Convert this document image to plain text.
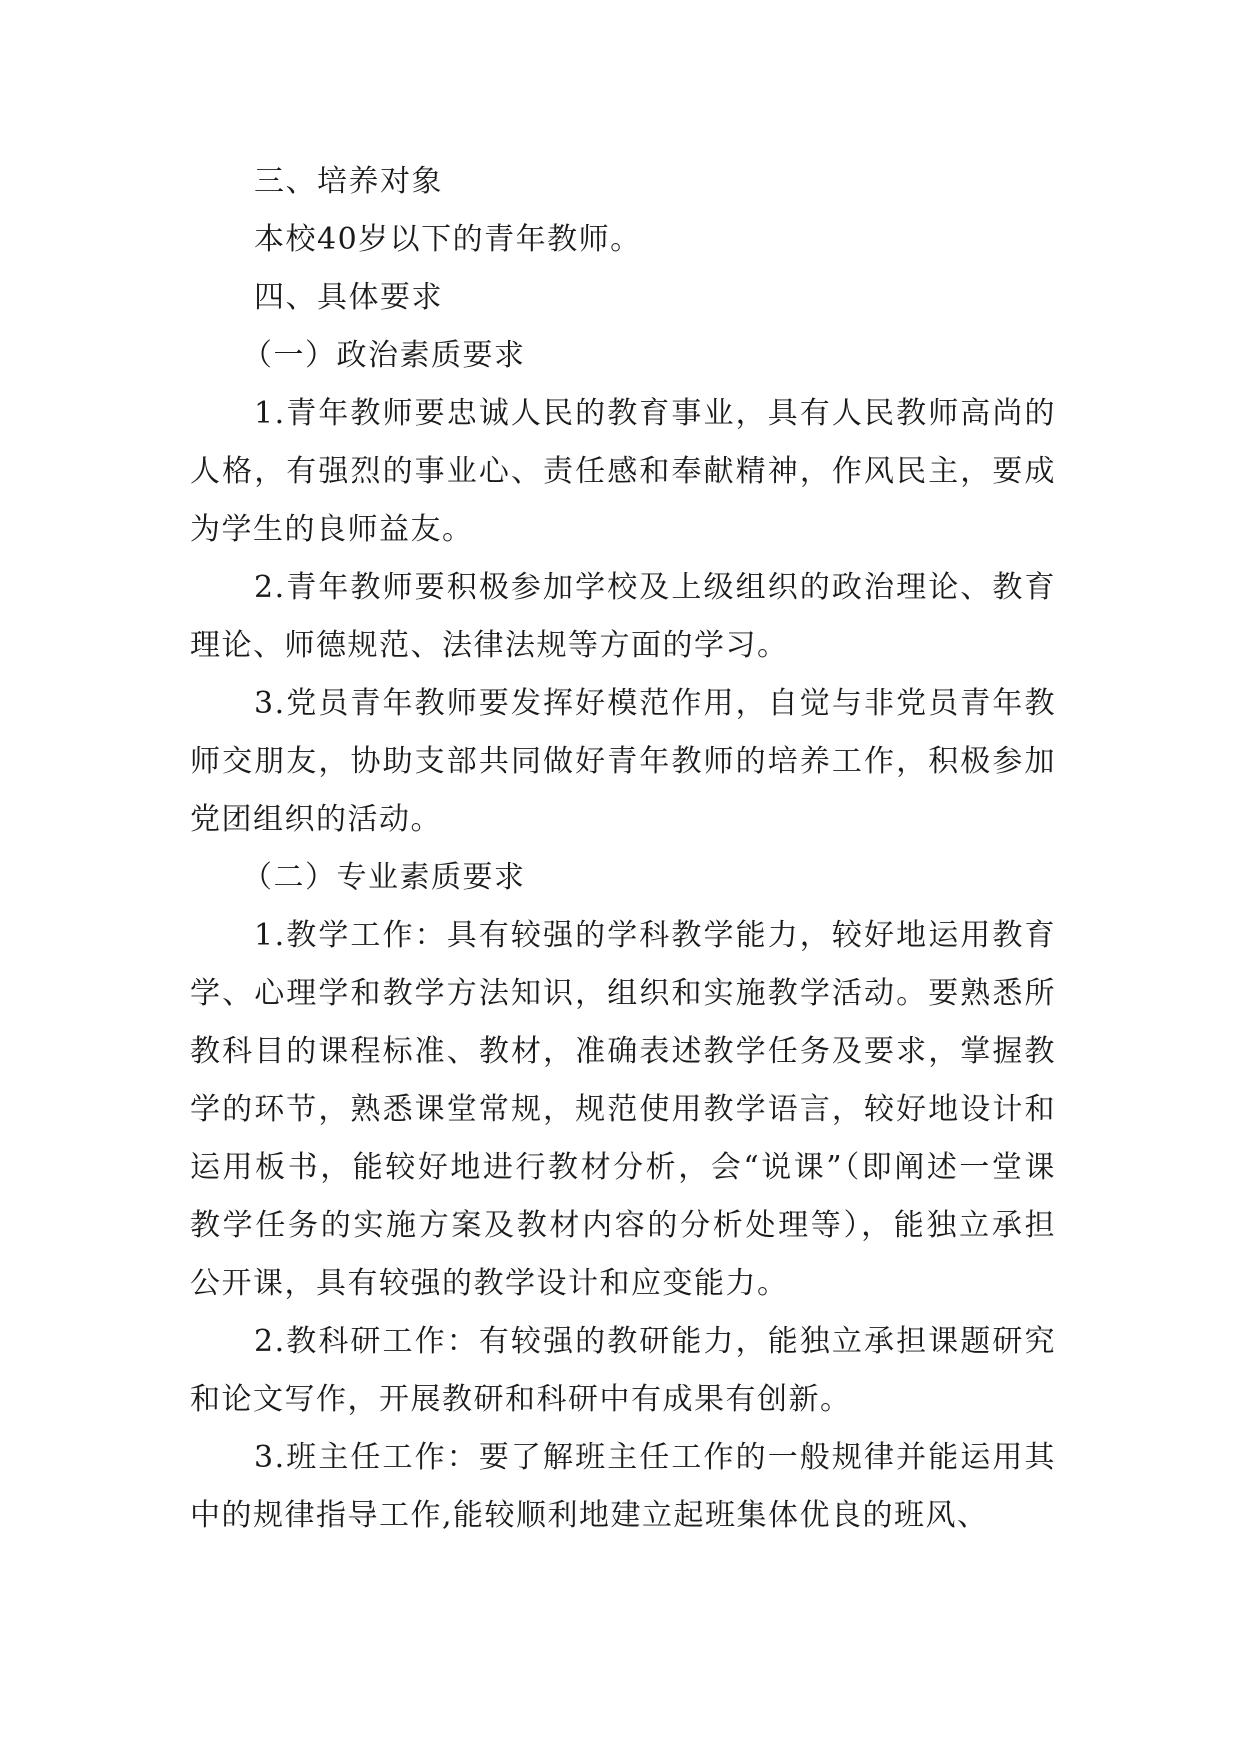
三、培养对象

本校40岁以下的青年教师。

四、具体要求

（一）政治素质要求

1.青年教师要忠诚人民的教育事业，具有人民教师高尚的人格，有强烈的事业心、责任感和奉献精神，作风民主，要成为学生的良师益友。

2.青年教师要积极参加学校及上级组织的政治理论、教育理论、师德规范、法律法规等方面的学习。

3.党员青年教师要发挥好模范作用，自觉与非党员青年教师交朋友，协助支部共同做好青年教师的培养工作，积极参加党团组织的活动。

（二）专业素质要求

1.教学工作：具有较强的学科教学能力，较好地运用教育学、心理学和教学方法知识，组织和实施教学活动。要熟悉所教科目的课程标准、教材，准确表述教学任务及要求，掌握教学的环节，熟悉课堂常规，规范使用教学语言，较好地设计和运用板书，能较好地进行教材分析，会“说课”（即阐述一堂课教学任务的实施方案及教材内容的分析处理等），能独立承担公开课，具有较强的教学设计和应变能力。

2.教科研工作：有较强的教研能力，能独立承担课题研究和论文写作，开展教研和科研中有成果有创新。

3.班主任工作：要了解班主任工作的一般规律并能运用其中的规律指导工作,能较顺利地建立起班集体优良的班风、
